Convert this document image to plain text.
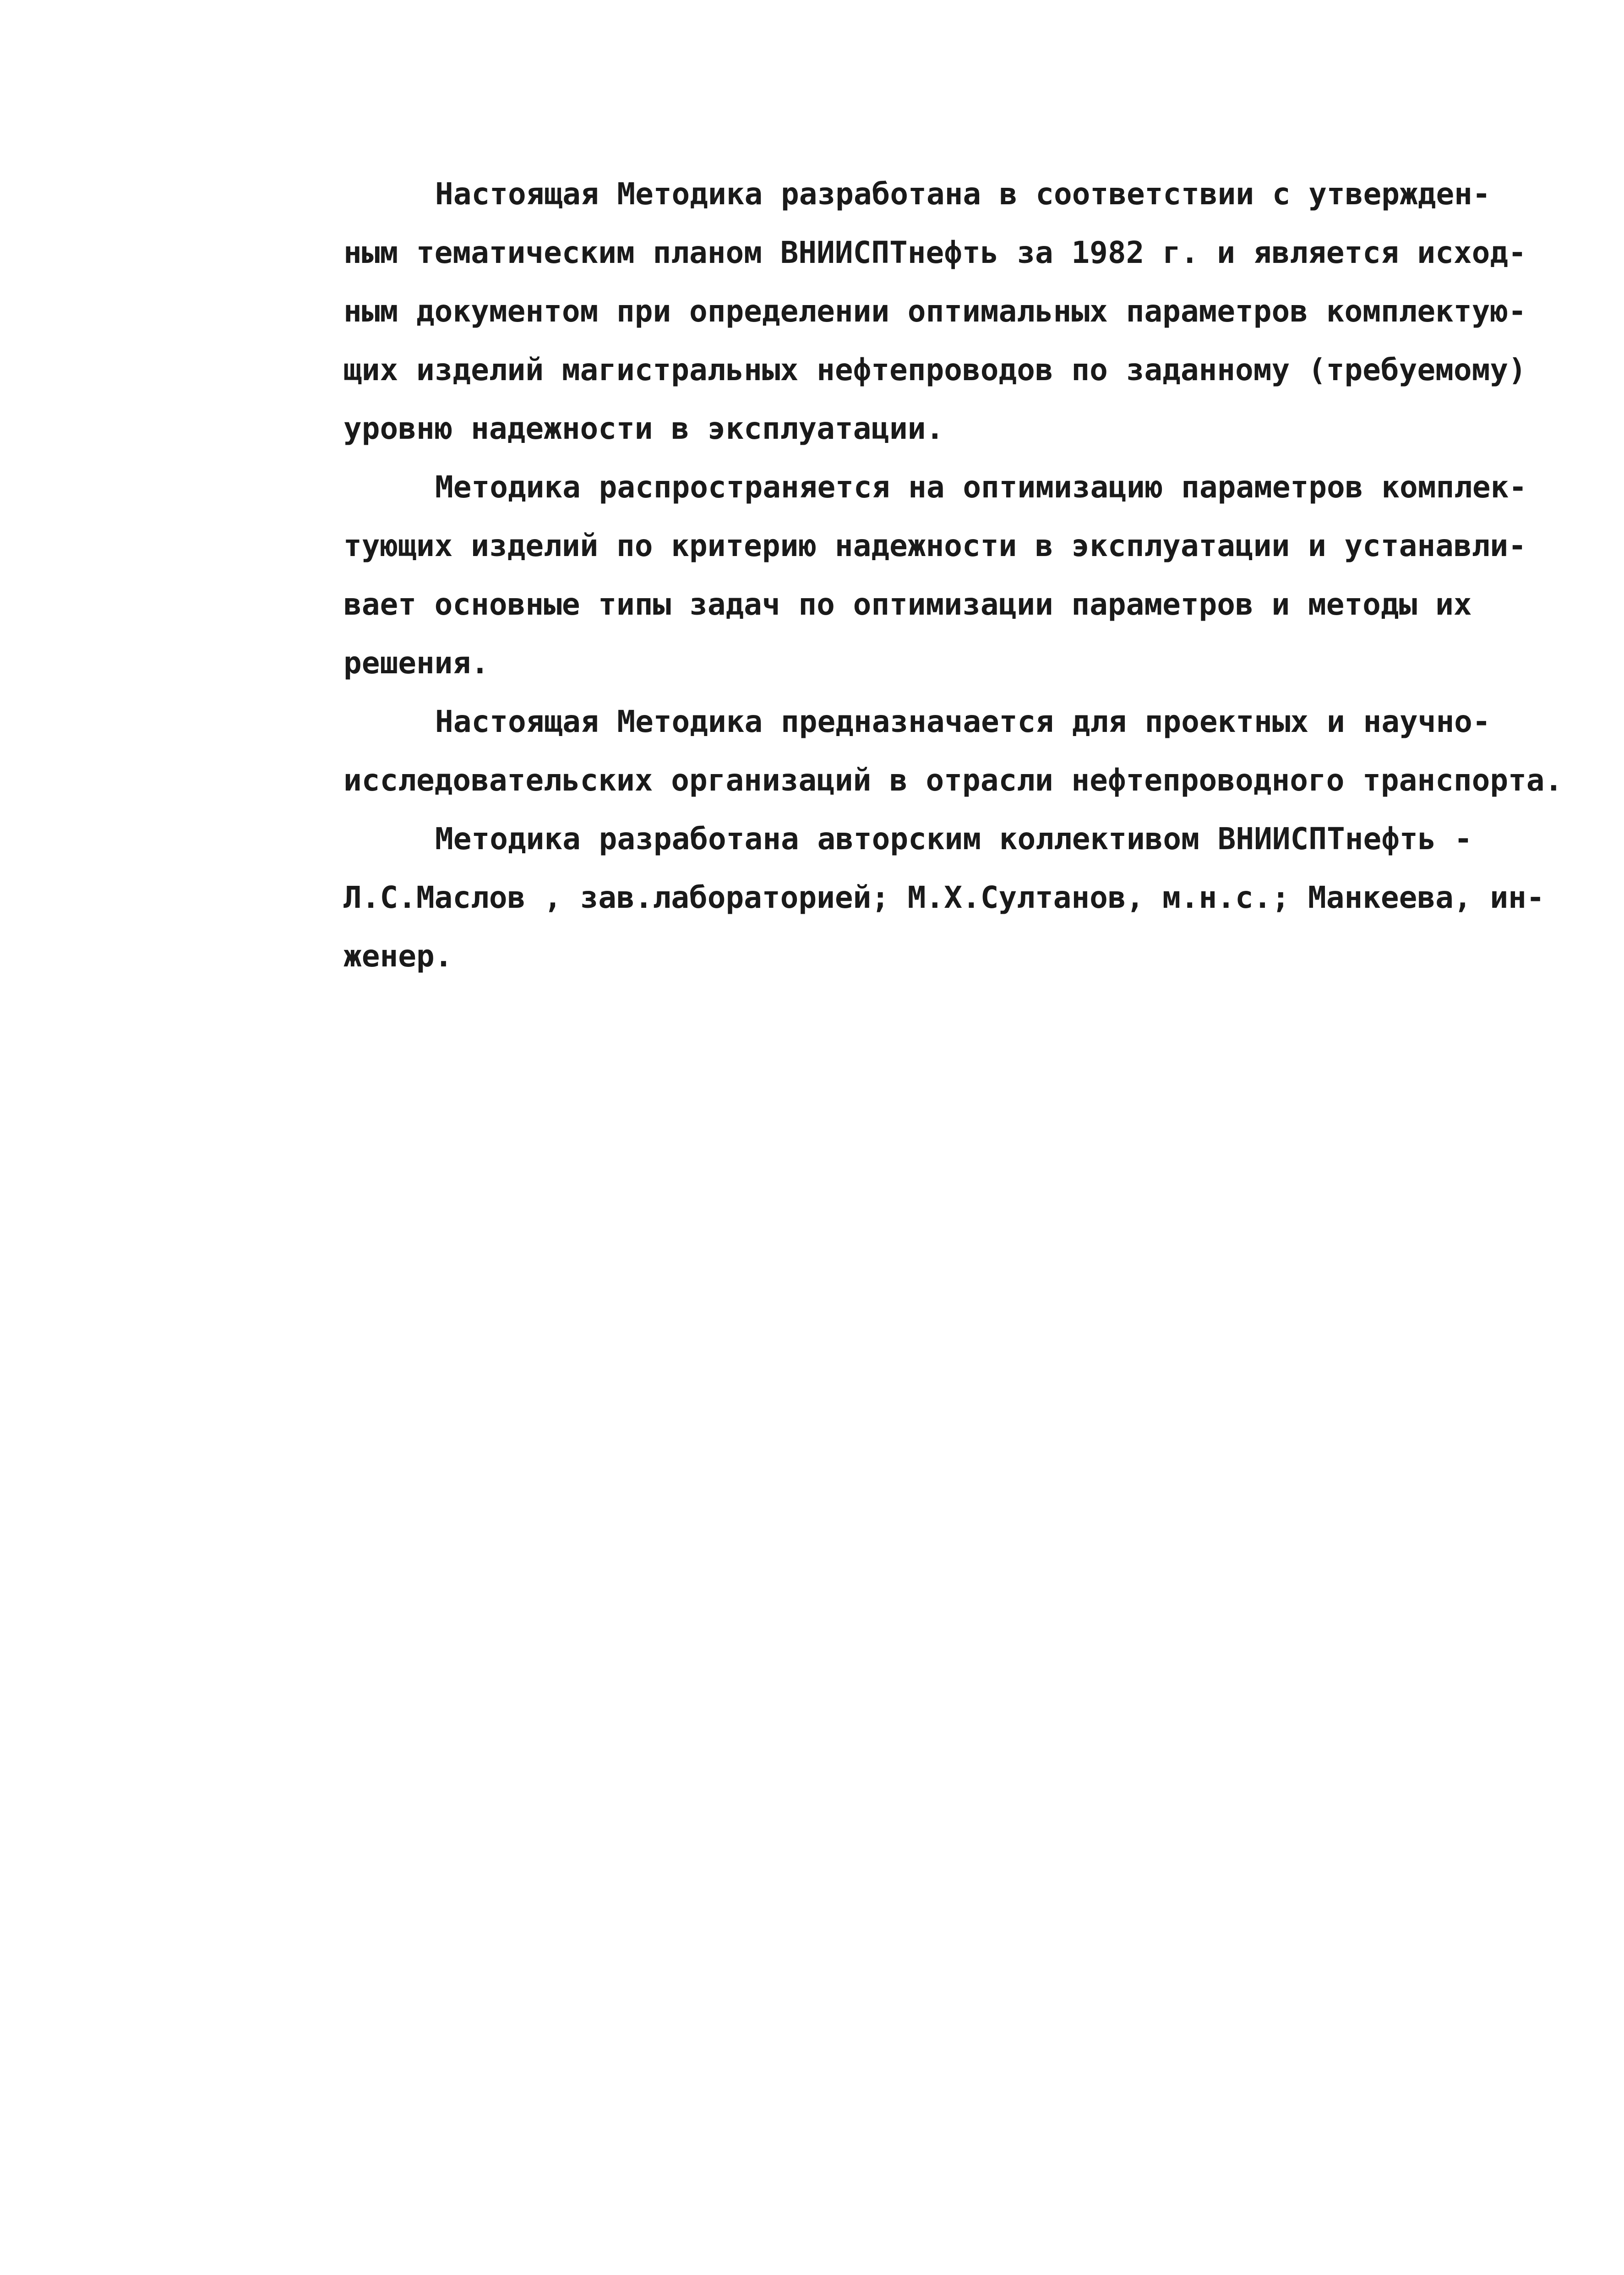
Настоящая Методика разработана в соответствии с утвержден-
ным тематическим планом ВНИИСПТнефть за 1982 г. и является исход-
ным документом при определении оптимальных параметров комплектую-
щих изделий магистральных нефтепроводов по заданному (требуемому)
уровню надежности в эксплуатации.
Методика распространяется на оптимизацию параметров комплек-
тующих изделий по критерию надежности в эксплуатации и устанавли-
вает основные типы задач по оптимизации параметров и методы их
решения.
Настоящая Методика предназначается для проектных и научно-
исследовательских организаций в отрасли нефтепроводного транспорта.
Методика разработана авторским коллективом ВНИИСПТнефть -
Л.С.Маслов , зав.лабораторией; М.Х.Султанов, м.н.с.; Манкеева, ин-
женер.
